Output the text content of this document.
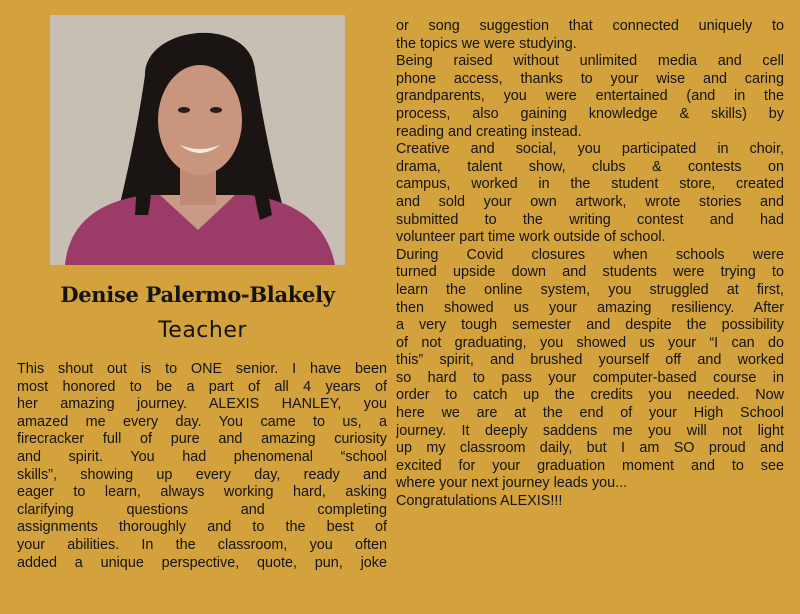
Denise Palermo-Blakely
Teacher
This shout out is to ONE senior. I have been
most honored to be a part of all 4 years of
her amazing journey. ALEXIS HANLEY, you
amazed me every day. You came to us, a
firecracker full of pure and amazing curiosity
and spirit. You had phenomenal “school
skills”, showing up every day, ready and
eager to learn, always working hard, asking
clarifying questions and completing
assignments thoroughly and to the best of
your abilities. In the classroom, you often
added a unique perspective, quote, pun, joke
or song suggestion that connected uniquely to
the topics we were studying.
Being raised without unlimited media and cell
phone access, thanks to your wise and caring
grandparents, you were entertained (and in the
process, also gaining knowledge & skills) by
reading and creating instead.
Creative and social, you participated in choir,
drama, talent show, clubs & contests on
campus, worked in the student store, created
and sold your own artwork, wrote stories and
submitted to the writing contest and had
volunteer part time work outside of school.
During Covid closures when schools were
turned upside down and students were trying to
learn the online system, you struggled at first,
then showed us your amazing resiliency. After
a very tough semester and despite the possibility
of not graduating, you showed us your “I can do
this” spirit, and brushed yourself off and worked
so hard to pass your computer-based course in
order to catch up the credits you needed. Now
here we are at the end of your High School
journey. It deeply saddens me you will not light
up my classroom daily, but I am SO proud and
excited for your graduation moment and to see
where your next journey leads you...
Congratulations ALEXIS!!!
